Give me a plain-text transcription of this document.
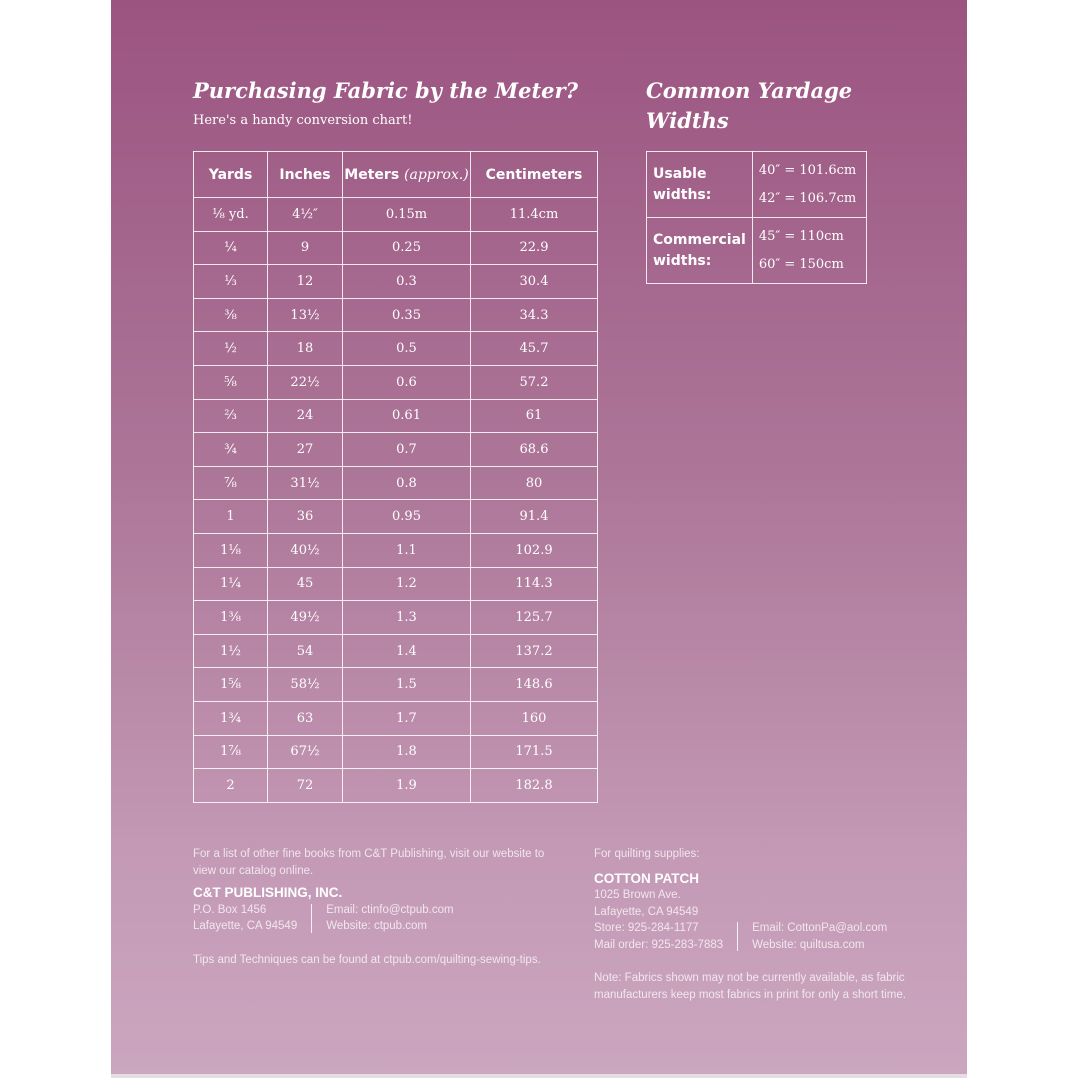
Purchasing Fabric by the Meter?
Here's a handy conversion chart!
Yards	Inches	Meters (approx.)	Centimeters
⅛ yd.	4½″	0.15m	11.4cm
¼	9	0.25	22.9
⅓	12	0.3	30.4
⅜	13½	0.35	34.3
½	18	0.5	45.7
⅝	22½	0.6	57.2
⅔	24	0.61	61
¾	27	0.7	68.6
⅞	31½	0.8	80
1	36	0.95	91.4
1⅛	40½	1.1	102.9
1¼	45	1.2	114.3
1⅜	49½	1.3	125.7
1½	54	1.4	137.2
1⅝	58½	1.5	148.6
1¾	63	1.7	160
1⅞	67½	1.8	171.5
2	72	1.9	182.8
Common Yardage Widths
Usable widths:	40″ = 101.6cm
42″ = 106.7cm

Commercial widths:	45″ = 110cm
60″ = 150cm
For a list of other fine books from C&T Publishing, visit our website to view our catalog online.
C&T PUBLISHING, INC.
P.O. Box 1456
Lafayette, CA 94549
Email: ctinfo@ctpub.com
Website: ctpub.com
Tips and Techniques can be found at ctpub.com/quilting-sewing-tips.
For quilting supplies:
COTTON PATCH
1025 Brown Ave.
Lafayette, CA 94549
Store: 925-284-1177
Mail order: 925-283-7883
Email: CottonPa@aol.com
Website: quiltusa.com
Note: Fabrics shown may not be currently available, as fabric manufacturers keep most fabrics in print for only a short time.
